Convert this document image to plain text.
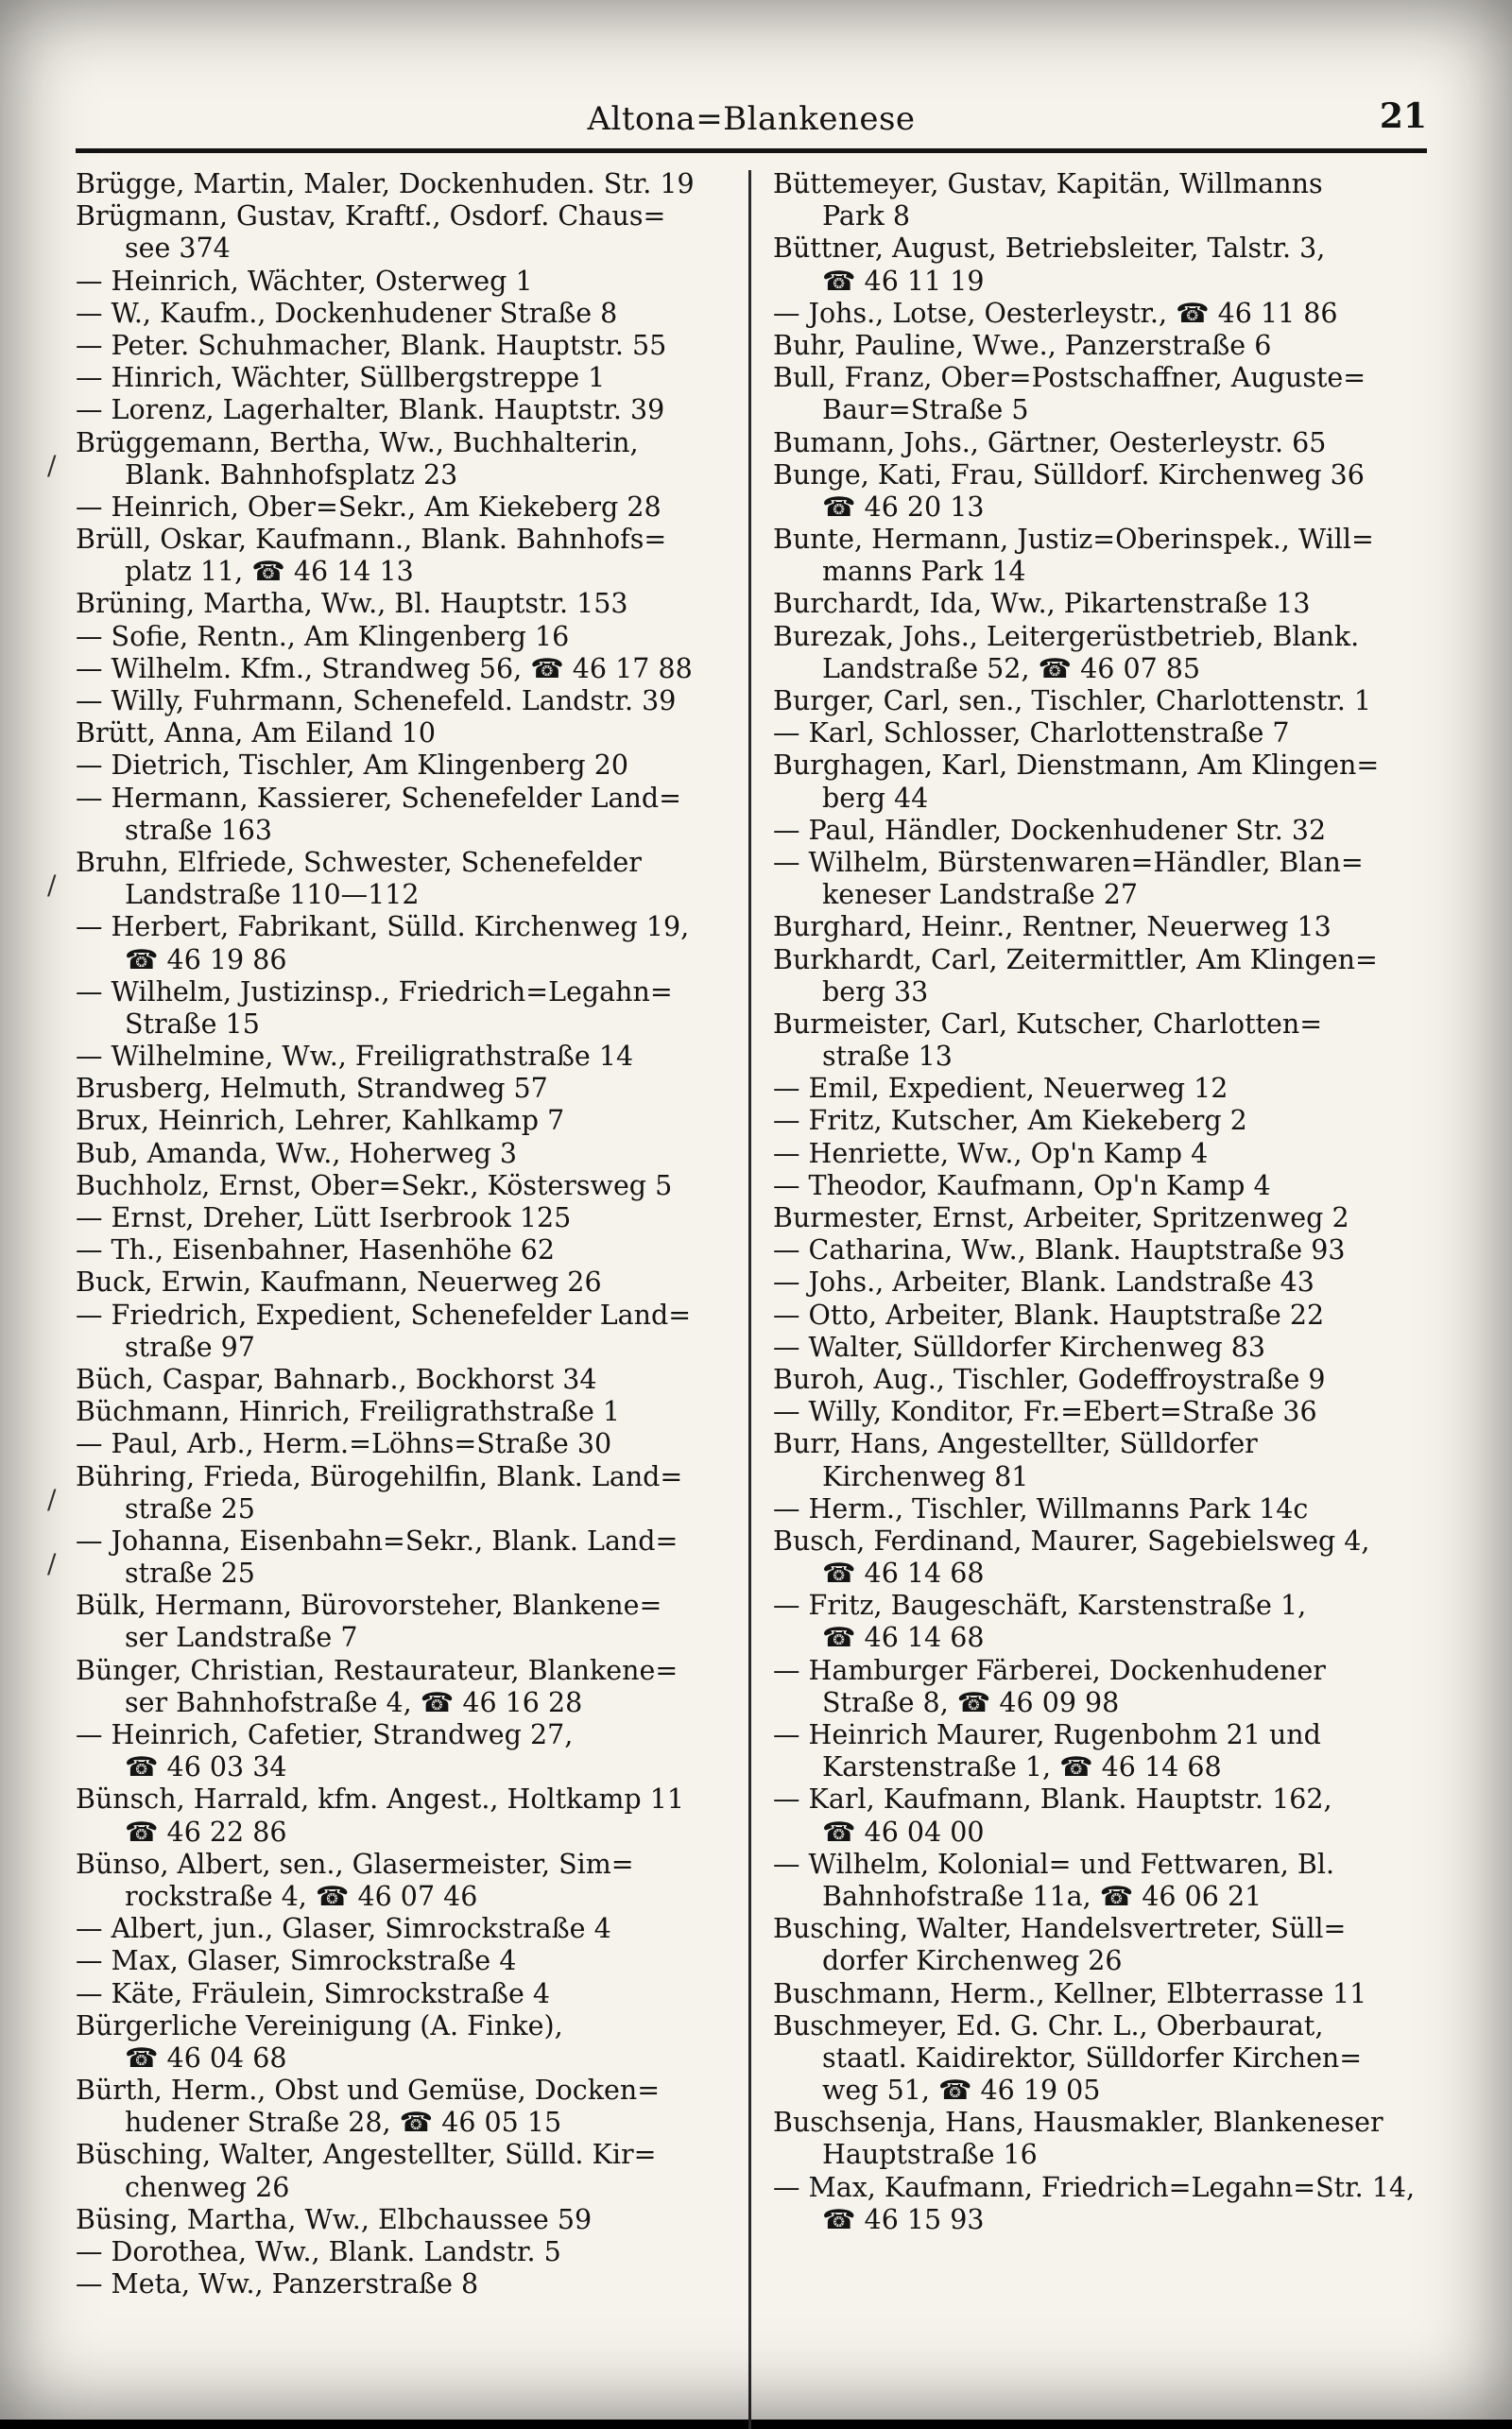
Altona=Blankenese	21
Brügge, Martin, Maler, Dockenhuden. Str. 19
Brügmann, Gustav, Kraftf., Osdorf. Chaus=
see 374
— Heinrich, Wächter, Osterweg 1
— W., Kaufm., Dockenhudener Straße 8
— Peter. Schuhmacher, Blank. Hauptstr. 55
— Hinrich, Wächter, Süllbergstreppe 1
— Lorenz, Lagerhalter, Blank. Hauptstr. 39
Brüggemann, Bertha, Ww., Buchhalterin,
Blank. Bahnhofsplatz 23
— Heinrich, Ober=Sekr., Am Kiekeberg 28
Brüll, Oskar, Kaufmann., Blank. Bahnhofs=
platz 11, ☎ 46 14 13
Brüning, Martha, Ww., Bl. Hauptstr. 153
— Sofie, Rentn., Am Klingenberg 16
— Wilhelm. Kfm., Strandweg 56, ☎ 46 17 88
— Willy, Fuhrmann, Schenefeld. Landstr. 39
Brütt, Anna, Am Eiland 10
— Dietrich, Tischler, Am Klingenberg 20
— Hermann, Kassierer, Schenefelder Land=
straße 163
Bruhn, Elfriede, Schwester, Schenefelder
Landstraße 110—112
— Herbert, Fabrikant, Sülld. Kirchenweg 19,
☎ 46 19 86
— Wilhelm, Justizinsp., Friedrich=Legahn=
Straße 15
— Wilhelmine, Ww., Freiligrathstraße 14
Brusberg, Helmuth, Strandweg 57
Brux, Heinrich, Lehrer, Kahlkamp 7
Bub, Amanda, Ww., Hoherweg 3
Buchholz, Ernst, Ober=Sekr., Köstersweg 5
— Ernst, Dreher, Lütt Iserbrook 125
— Th., Eisenbahner, Hasenhöhe 62
Buck, Erwin, Kaufmann, Neuerweg 26
— Friedrich, Expedient, Schenefelder Land=
straße 97
Büch, Caspar, Bahnarb., Bockhorst 34
Büchmann, Hinrich, Freiligrathstraße 1
— Paul, Arb., Herm.=Löhns=Straße 30
Bühring, Frieda, Bürogehilfin, Blank. Land=
straße 25
— Johanna, Eisenbahn=Sekr., Blank. Land=
straße 25
Bülk, Hermann, Bürovorsteher, Blankene=
ser Landstraße 7
Bünger, Christian, Restaurateur, Blankene=
ser Bahnhofstraße 4, ☎ 46 16 28
— Heinrich, Cafetier, Strandweg 27,
☎ 46 03 34
Bünsch, Harrald, kfm. Angest., Holtkamp 11
☎ 46 22 86
Bünso, Albert, sen., Glasermeister, Sim=
rockstraße 4, ☎ 46 07 46
— Albert, jun., Glaser, Simrockstraße 4
— Max, Glaser, Simrockstraße 4
— Käte, Fräulein, Simrockstraße 4
Bürgerliche Vereinigung (A. Finke),
☎ 46 04 68
Bürth, Herm., Obst und Gemüse, Docken=
hudener Straße 28, ☎ 46 05 15
Büsching, Walter, Angestellter, Sülld. Kir=
chenweg 26
Büsing, Martha, Ww., Elbchaussee 59
— Dorothea, Ww., Blank. Landstr. 5
— Meta, Ww., Panzerstraße 8
Büttemeyer, Gustav, Kapitän, Willmanns
Park 8
Büttner, August, Betriebsleiter, Talstr. 3,
☎ 46 11 19
— Johs., Lotse, Oesterleystr., ☎ 46 11 86
Buhr, Pauline, Wwe., Panzerstraße 6
Bull, Franz, Ober=Postschaffner, Auguste=
Baur=Straße 5
Bumann, Johs., Gärtner, Oesterleystr. 65
Bunge, Kati, Frau, Sülldorf. Kirchenweg 36
☎ 46 20 13
Bunte, Hermann, Justiz=Oberinspek., Will=
manns Park 14
Burchardt, Ida, Ww., Pikartenstraße 13
Burezak, Johs., Leitergerüstbetrieb, Blank.
Landstraße 52, ☎ 46 07 85
Burger, Carl, sen., Tischler, Charlottenstr. 1
— Karl, Schlosser, Charlottenstraße 7
Burghagen, Karl, Dienstmann, Am Klingen=
berg 44
— Paul, Händler, Dockenhudener Str. 32
— Wilhelm, Bürstenwaren=Händler, Blan=
keneser Landstraße 27
Burghard, Heinr., Rentner, Neuerweg 13
Burkhardt, Carl, Zeitermittler, Am Klingen=
berg 33
Burmeister, Carl, Kutscher, Charlotten=
straße 13
— Emil, Expedient, Neuerweg 12
— Fritz, Kutscher, Am Kiekeberg 2
— Henriette, Ww., Op'n Kamp 4
— Theodor, Kaufmann, Op'n Kamp 4
Burmester, Ernst, Arbeiter, Spritzenweg 2
— Catharina, Ww., Blank. Hauptstraße 93
— Johs., Arbeiter, Blank. Landstraße 43
— Otto, Arbeiter, Blank. Hauptstraße 22
— Walter, Sülldorfer Kirchenweg 83
Buroh, Aug., Tischler, Godeffroystraße 9
— Willy, Konditor, Fr.=Ebert=Straße 36
Burr, Hans, Angestellter, Sülldorfer
Kirchenweg 81
— Herm., Tischler, Willmanns Park 14c
Busch, Ferdinand, Maurer, Sagebielsweg 4,
☎ 46 14 68
— Fritz, Baugeschäft, Karstenstraße 1,
☎ 46 14 68
— Hamburger Färberei, Dockenhudener
Straße 8, ☎ 46 09 98
— Heinrich Maurer, Rugenbohm 21 und
Karstenstraße 1, ☎ 46 14 68
— Karl, Kaufmann, Blank. Hauptstr. 162,
☎ 46 04 00
— Wilhelm, Kolonial= und Fettwaren, Bl.
Bahnhofstraße 11a, ☎ 46 06 21
Busching, Walter, Handelsvertreter, Süll=
dorfer Kirchenweg 26
Buschmann, Herm., Kellner, Elbterrasse 11
Buschmeyer, Ed. G. Chr. L., Oberbaurat,
staatl. Kaidirektor, Sülldorfer Kirchen=
weg 51, ☎ 46 19 05
Buschsenja, Hans, Hausmakler, Blankeneser
Hauptstraße 16
— Max, Kaufmann, Friedrich=Legahn=Str. 14,
☎ 46 15 93
